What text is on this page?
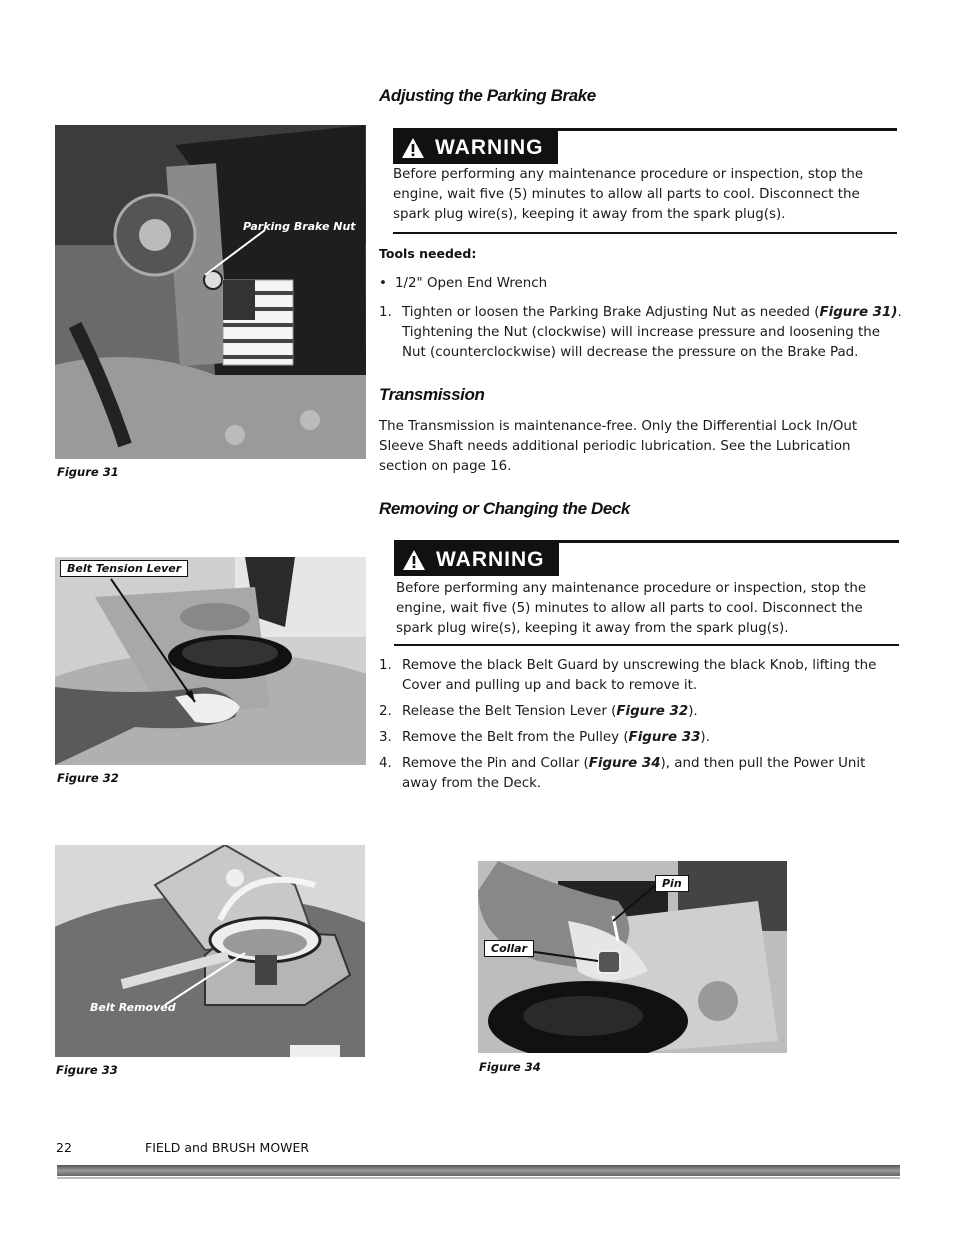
Parking Brake Nut
Figure 31
Adjusting the Parking Brake
WARNING
Before performing any maintenance procedure or inspection, stop the engine, wait five (5) minutes to allow all parts to cool. Disconnect the spark plug wire(s), keeping it away from the spark plug(s).
Tools needed:
• 1/2" Open End Wrench
1. Tighten or loosen the Parking Brake Adjusting Nut as needed (Figure 31). Tightening the Nut (clockwise) will increase pressure and loosening the Nut (counterclockwise) will decrease the pressure on the Brake Pad.
Transmission
The Transmission is maintenance-free. Only the Differential Lock In/Out Sleeve Shaft needs additional periodic lubrication. See the Lubrication section on page 16.
Removing or Changing the Deck
WARNING
Before performing any maintenance procedure or inspection, stop the engine, wait five (5) minutes to allow all parts to cool. Disconnect the spark plug wire(s), keeping it away from the spark plug(s).
1. Remove the black Belt Guard by unscrewing the black Knob, lifting the Cover and pulling up and back to remove it.
2. Release the Belt Tension Lever (Figure 32).
3. Remove the Belt from the Pulley (Figure 33).
4. Remove the Pin and Collar (Figure 34), and then pull the Power Unit away from the Deck.
Belt Tension Lever
Figure 32
Belt Removed
Figure 33
Pin
Collar
Figure 34
22	FIELD and BRUSH MOWER
